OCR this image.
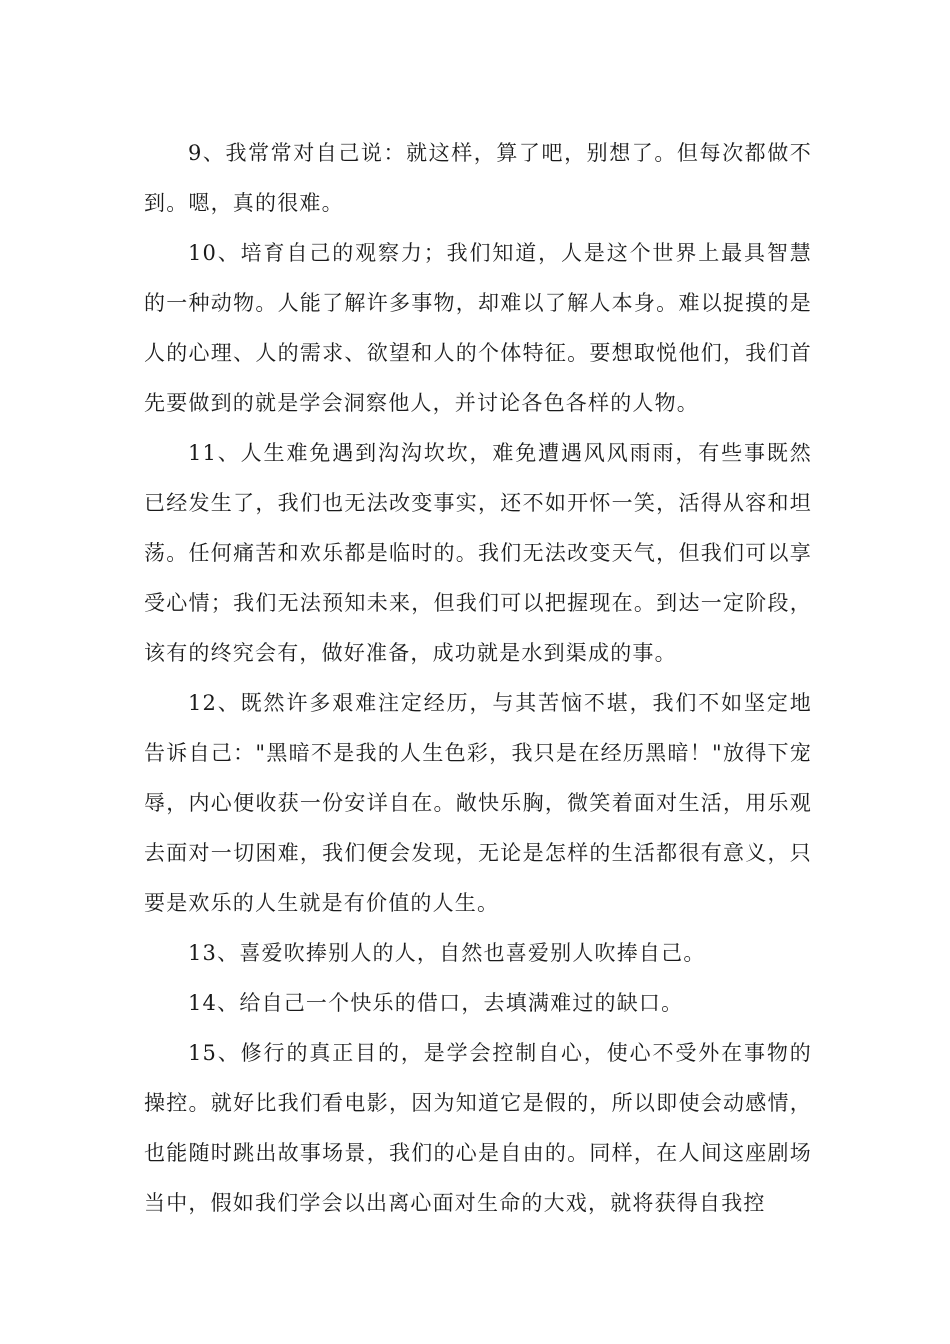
9、我常常对自己说：就这样，算了吧，别想了。但每次都做不到。嗯，真的很难。

10、培育自己的观察力；我们知道，人是这个世界上最具智慧的一种动物。人能了解许多事物，却难以了解人本身。难以捉摸的是人的心理、人的需求、欲望和人的个体特征。要想取悦他们，我们首先要做到的就是学会洞察他人，并讨论各色各样的人物。

11、人生难免遇到沟沟坎坎，难免遭遇风风雨雨，有些事既然已经发生了，我们也无法改变事实，还不如开怀一笑，活得从容和坦荡。任何痛苦和欢乐都是临时的。我们无法改变天气，但我们可以享受心情；我们无法预知未来，但我们可以把握现在。到达一定阶段，该有的终究会有，做好准备，成功就是水到渠成的事。

12、既然许多艰难注定经历，与其苦恼不堪，我们不如坚定地告诉自己："黑暗不是我的人生色彩，我只是在经历黑暗！"放得下宠辱，内心便收获一份安详自在。敞快乐胸，微笑着面对生活，用乐观去面对一切困难，我们便会发现，无论是怎样的生活都很有意义，只要是欢乐的人生就是有价值的人生。

13、喜爱吹捧别人的人，自然也喜爱别人吹捧自己。

14、给自己一个快乐的借口，去填满难过的缺口。

15、修行的真正目的，是学会控制自心，使心不受外在事物的操控。就好比我们看电影，因为知道它是假的，所以即使会动感情，也能随时跳出故事场景，我们的心是自由的。同样，在人间这座剧场当中，假如我们学会以出离心面对生命的大戏，就将获得自我控
